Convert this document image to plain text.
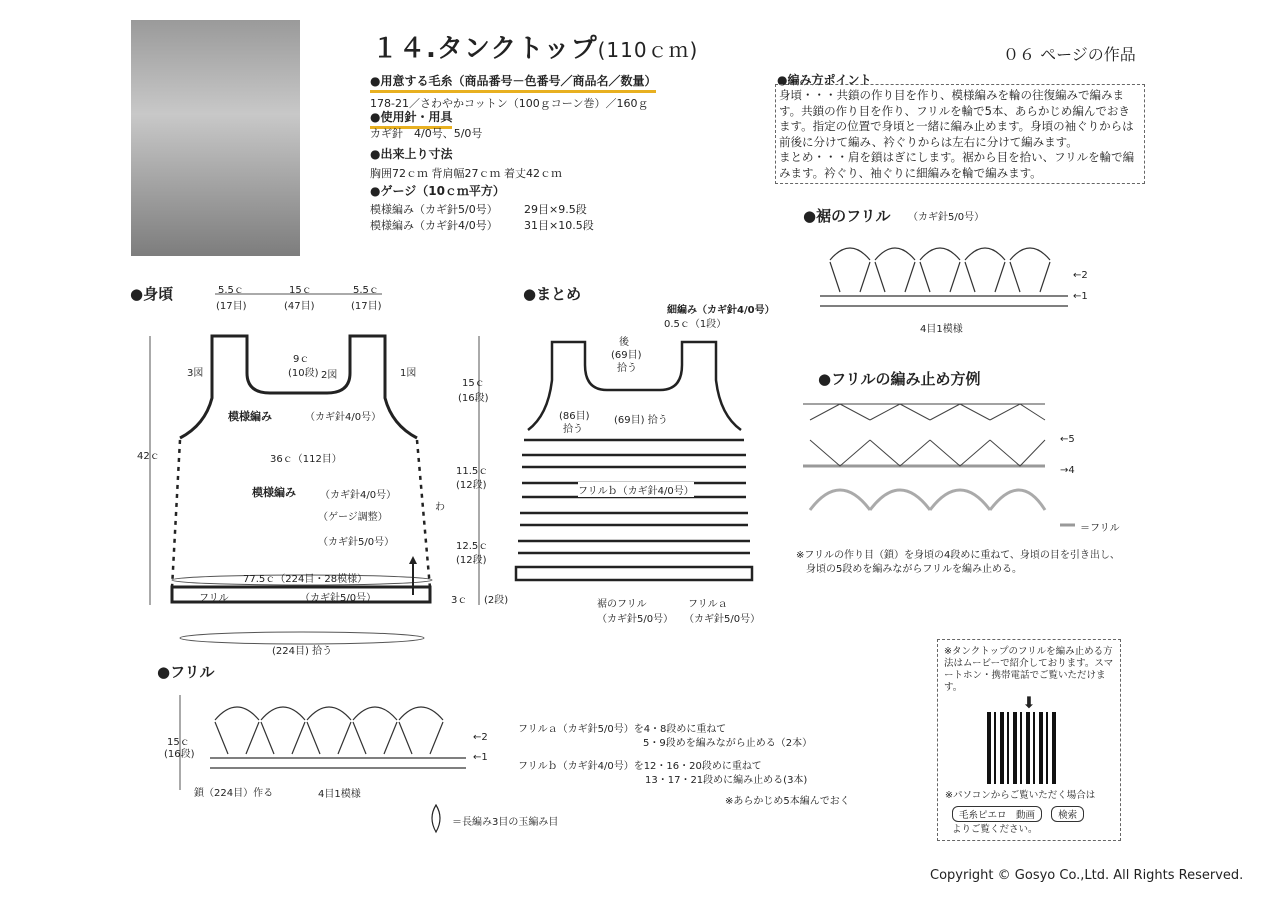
１４.タンクトップ(110ｃｍ)	０６ ページの作品
●用意する毛糸（商品番号－色番号／商品名／数量）
178-21／さわやかコットン（100ｇコーン巻）／160ｇ
●使用針・用具
カギ針　4/0号、5/0号
●出来上り寸法
胸囲72ｃｍ 背肩幅27ｃｍ 着丈42ｃｍ
●ゲージ（10ｃｍ平方）
模様編み（カギ針5/0号） 29目×9.5段
模様編み（カギ針4/0号） 31目×10.5段
●編み方ポイント
身頃・・・共鎖の作り目を作り、模様編みを輪の往復編みで編みます。共鎖の作り目を作り、フリルを輪で5本、あらかじめ編んでおきます。指定の位置で身頃と一緒に編み止めます。身頃の袖ぐりからは前後に分けて編み、衿ぐりからは左右に分けて編みます。
まとめ・・・肩を鎖はぎにします。裾から目を拾い、フリルを輪で編みます。衿ぐり、袖ぐりに細編みを輪で編みます。
●身頃	5.5ｃ
(17目)
15ｃ
(47目)
5.5ｃ
(17目)
9ｃ
(10段) 2図
3図	1図
模様編み	（カギ針4/0号）
36ｃ（112目）
模様編み （カギ針4/0号）
（ゲージ調整）
（カギ針5/0号）
わ
42ｃ
77.5ｃ（224目・28模様）
フリル	（カギ針5/0号）
(224目) 拾う
15ｃ
(16段)
11.5ｃ
(12段)
12.5ｃ
(12段)
3ｃ (2段)
●まとめ
細編み（カギ針4/0号）
0.5ｃ（1段）
後
(69目)
拾う
(86目)
拾う
(69目) 拾う
フリルｂ（カギ針4/0号）
裾のフリル
（カギ針5/0号）
フリルａ
（カギ針5/0号）
●裾のフリル （カギ針5/0号）
←2
←1
4目1模様
●フリルの編み止め方例
←5
→4
＝フリル
※フリルの作り目（鎖）を身頃の4段めに重ねて、身頃の目を引き出し、
身頃の5段めを編みながらフリルを編み止める。
●フリル
15ｃ
(16段)
←2
←1
鎖（224目）作る	4目1模様
フリルａ（カギ針5/0号）を4・8段めに重ねて
5・9段めを編みながら止める（2本）
フリルｂ（カギ針4/0号）を12・16・20段めに重ねて
13・17・21段めに編み止める(3本)
※あらかじめ5本編んでおく
＝長編み3目の玉編み目
※タンクトップのフリルを編み止める方
法はムービーで紹介しております。スマ
ートホン・携帯電話でご覧いただけます。
⬇
※パソコンからご覧いただく場合は
毛糸ピエロ　動画 検索
よりご覧ください。
Copyright © Gosyo Co.,Ltd. All Rights Reserved.
